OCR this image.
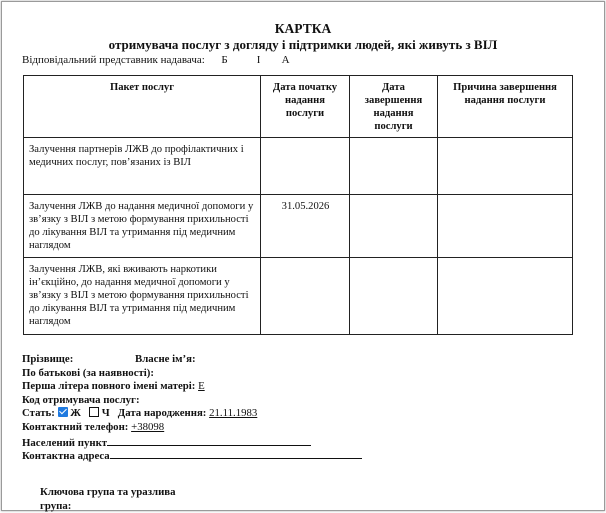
КАРТКА
отримувача послуг з догляду і підтримки людей, які живуть з ВІЛ
Відповідальний представник надавача: Б	І А
Пакет послуг	Дата початку надання послуги	Дата завершення надання послуги	Причина завершення надання послуги
Залучення партнерів ЛЖВ до профілактичних і медичних послуг, пов’язаних із ВІЛ			
Залучення ЛЖВ до надання медичної допомоги у зв’язку з ВІЛ з метою формування прихильності до лікування ВІЛ та утримання під медичним наглядом	31.05.2026		
Залучення ЛЖВ, які вживають наркотики ін’єкційно, до надання медичної допомоги у зв’язку з ВІЛ з метою формування прихильності до лікування ВІЛ та утримання під медичним наглядом			
Прізвище:	Власне ім’я:
По батькові (за наявності):
Перша літера повного імені матері: Е
Код отримувача послуг:
Стать: Ж Ч Дата народження: 21.11.1983
Контактний телефон: +38098
Населений пункт
Контактна адреса
Ключова група та уразлива
група:
